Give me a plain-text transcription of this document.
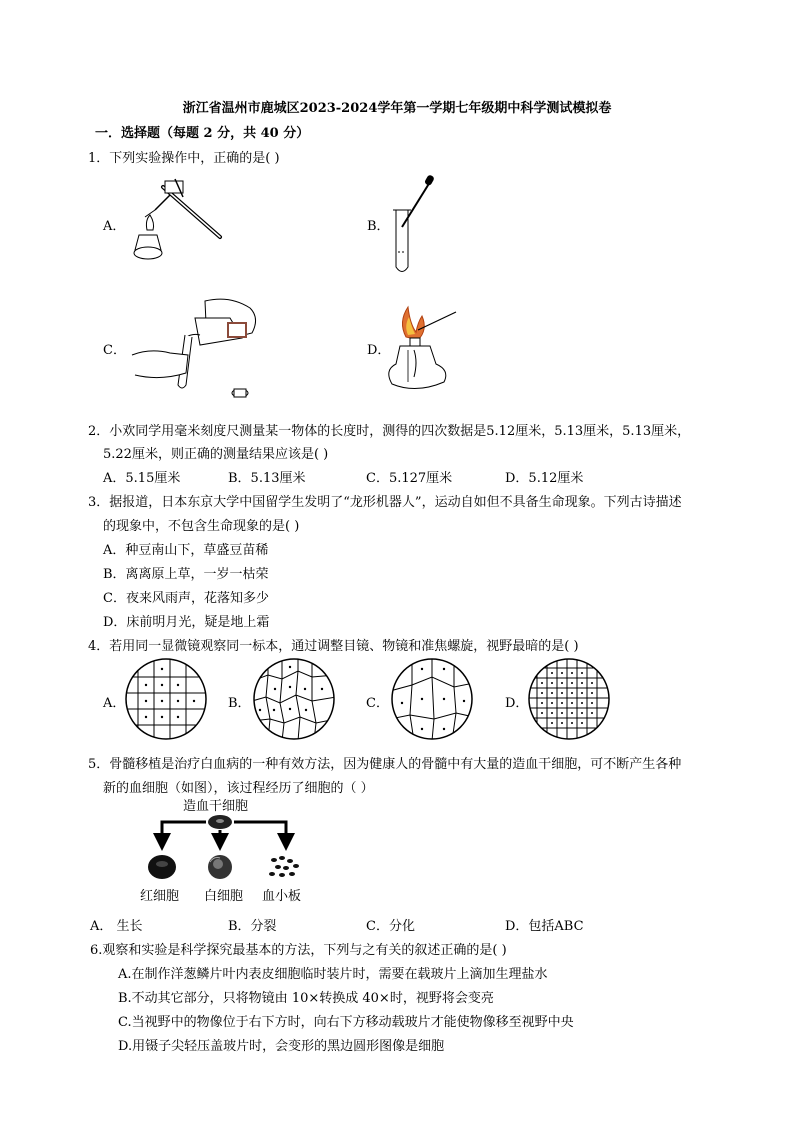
浙江省温州市鹿城区2023-2024学年第一学期七年级期中科学测试模拟卷
一．选择题（每题 2 分，共 40 分）
1．下列实验操作中，正确的是( )
A．	B．
C．	D．
2．小欢同学用毫米刻度尺测量某一物体的长度时，测得的四次数据是5.12厘米，5.13厘米，5.13厘米，
5.22厘米，则正确的测量结果应该是( )
A．5.15厘米	B．5.13厘米	C．5.127厘米	D．5.12厘米
3．据报道，日本东京大学中国留学生发明了“龙形机器人”，运动自如但不具备生命现象。下列古诗描述
的现象中，不包含生命现象的是( )
A．种豆南山下，草盛豆苗稀
B．离离原上草，一岁一枯荣
C．夜来风雨声，花落知多少
D．床前明月光，疑是地上霜
4．若用同一显微镜观察同一标本，通过调整目镜、物镜和准焦螺旋，视野最暗的是( )
A．	B．	C．	D．
5．骨髓移植是治疗白血病的一种有效方法，因为健康人的骨髓中有大量的造血干细胞，可不断产生各种
新的血细胞（如图），该过程经历了细胞的（ ）
造血干细胞
红细胞 白细胞 血小板
A． 生长	B．分裂	C．分化	D．包括ABC
6.观察和实验是科学探究最基本的方法，下列与之有关的叙述正确的是( )
A.在制作洋葱鳞片叶内表皮细胞临时装片时，需要在载玻片上滴加生理盐水
B.不动其它部分，只将物镜由 10×转换成 40×时，视野将会变亮
C.当视野中的物像位于右下方时，向右下方移动载玻片才能使物像移至视野中央
D.用镊子尖轻压盖玻片时，会变形的黑边圆形图像是细胞
